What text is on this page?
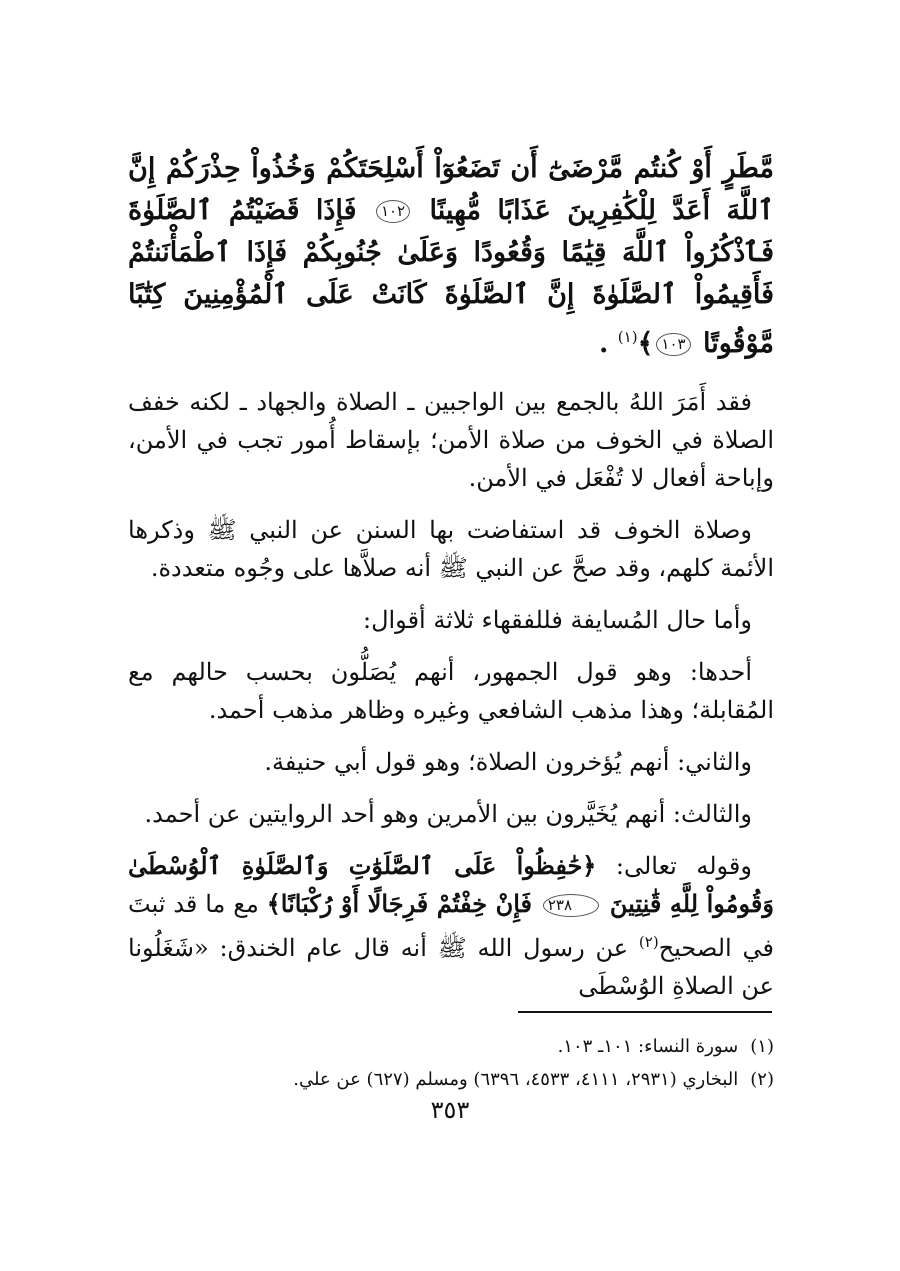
مَّطَرٍ أَوْ كُنتُم مَّرْضَىٰٓ أَن تَضَعُوٓاْ أَسْلِحَتَكُمْ وَخُذُواْ حِذْرَكُمْ إِنَّ ٱللَّهَ أَعَدَّ لِلْكَٰفِرِينَ عَذَابًا مُّهِينًا ١٠٢ فَإِذَا قَضَيْتُمُ ٱلصَّلَوٰةَ فَٱذْكُرُواْ ٱللَّهَ قِيَٰمًا وَقُعُودًا وَعَلَىٰ جُنُوبِكُمْ فَإِذَا ٱطْمَأْنَنتُمْ فَأَقِيمُواْ ٱلصَّلَوٰةَ إِنَّ ٱلصَّلَوٰةَ كَانَتْ عَلَى ٱلْمُؤْمِنِينَ كِتَٰبًا مَّوْقُوتًا ١٠٣﴾$^{(١)}$ .

فقد أَمَرَ اللهُ بالجمع بين الواجبين ـ الصلاة والجهاد ـ لكنه خفف الصلاة في الخوف من صلاة الأمن؛ بإسقاط أُمور تجب في الأمن، وإباحة أفعال لا تُفْعَل في الأمن.

وصلاة الخوف قد استفاضت بها السنن عن النبي ﷺ وذكرها الأئمة كلهم، وقد صحَّ عن النبي ﷺ أنه صلاَّها على وجُوه متعددة.

وأما حال المُسايفة فللفقهاء ثلاثة أقوال:

أحدها: وهو قول الجمهور، أنهم يُصَلُّون بحسب حالهم مع المُقابلة؛ وهذا مذهب الشافعي وغيره وظاهر مذهب أحمد.

والثاني: أنهم يُؤخرون الصلاة؛ وهو قول أبي حنيفة.

والثالث: أنهم يُخَيَّرون بين الأمرين وهو أحد الروايتين عن أحمد.

وقوله تعالى: ﴿حَٰفِظُواْ عَلَى ٱلصَّلَوَٰتِ وَٱلصَّلَوٰةِ ٱلْوُسْطَىٰ وَقُومُواْ لِلَّهِ قَٰنِتِينَ ٢٣٨ فَإِنْ خِفْتُمْ فَرِجَالًا أَوْ رُكْبَانًا﴾ مع ما قد ثبتَ في الصحيح$^{(٢)}$ عن رسول الله ﷺ أنه قال عام الخندق: «شَغَلُونا عن الصلاةِ الوُسْطَى

(١)سورة النساء: ١٠١ـ ١٠٣.

(٢)البخاري (٢٩٣١، ٤١١١، ٤٥٣٣، ٦٣٩٦) ومسلم (٦٢٧) عن علي.

٣٥٣
